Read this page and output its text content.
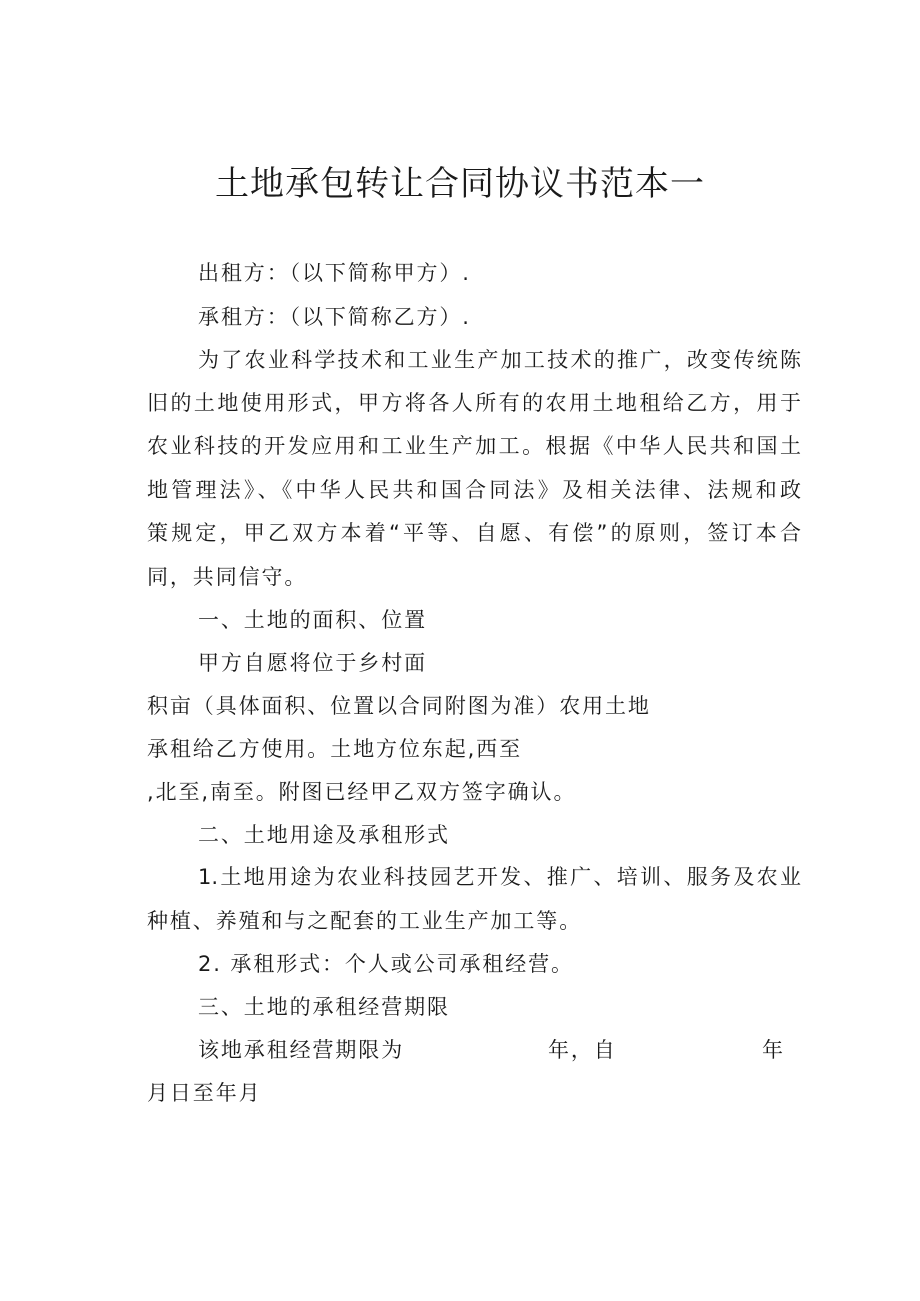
土地承包转让合同协议书范本一
出租方：（以下简称甲方）.
承租方：（以下简称乙方）.
为了农业科学技术和工业生产加工技术的推广，改变传统陈
旧的土地使用形式，甲方将各人所有的农用土地租给乙方，用于
农业科技的开发应用和工业生产加工。根据《中华人民共和国土
地管理法》、《中华人民共和国合同法》及相关法律、法规和政
策规定，甲乙双方本着“平等、自愿、有偿”的原则，签订本合
同，共同信守。
一、土地的面积、位置
甲方自愿将位于乡村面
积亩（具体面积、位置以合同附图为准）农用土地
承租给乙方使用。土地方位东起,西至
,北至,南至。附图已经甲乙双方签字确认。
二、土地用途及承租形式
1.土地用途为农业科技园艺开发、推广、培训、服务及农业
种植、养殖和与之配套的工业生产加工等。
2. 承租形式：个人或公司承租经营。
三、土地的承租经营期限
该地承租经营期限为	年，自	年
月日至年月
